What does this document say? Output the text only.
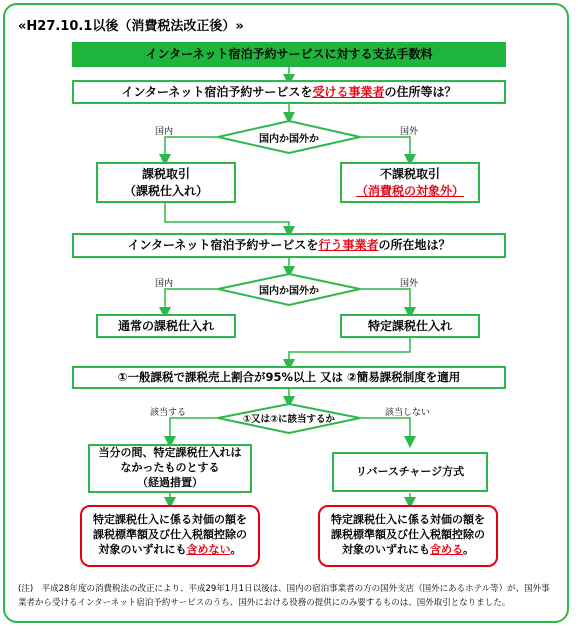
«H27.10.1以後（消費税法改正後）»
インターネット宿泊予約サービスに対する支払手数料
インターネット宿泊予約サービスを 受ける事業者 の住所等は？
国内か国外か
国内	国外
課税取引
（課税仕入れ）
不課税取引
（消費税の対象外）
インターネット宿泊予約サービスを 行う事業者 の所在地は？
国内か国外か
国内	国外
通常の課税仕入れ	特定課税仕入れ
①一般課税で課税売上割合が95%以上 又は ②簡易課税制度を適用
①又は②に該当するか
該当する	該当しない
当分の間、特定課税仕入れは
なかったものとする
（経過措置）
リバースチャージ方式
特定課税仕入に係る対価の額を課税標準額及び仕入税額控除の対象のいずれにも含めない。
特定課税仕入に係る対価の額を課税標準額及び仕入税額控除の対象のいずれにも含める。
(注)　平成28年度の消費税法の改正により、平成29年1月1日以後は、国内の宿泊事業者の方の国外支店（国外にあるホテル等）が、国外事業者から受けるインターネット宿泊予約サービスのうち、国外における役務の提供にのみ要するものは、国外取引となりました。
